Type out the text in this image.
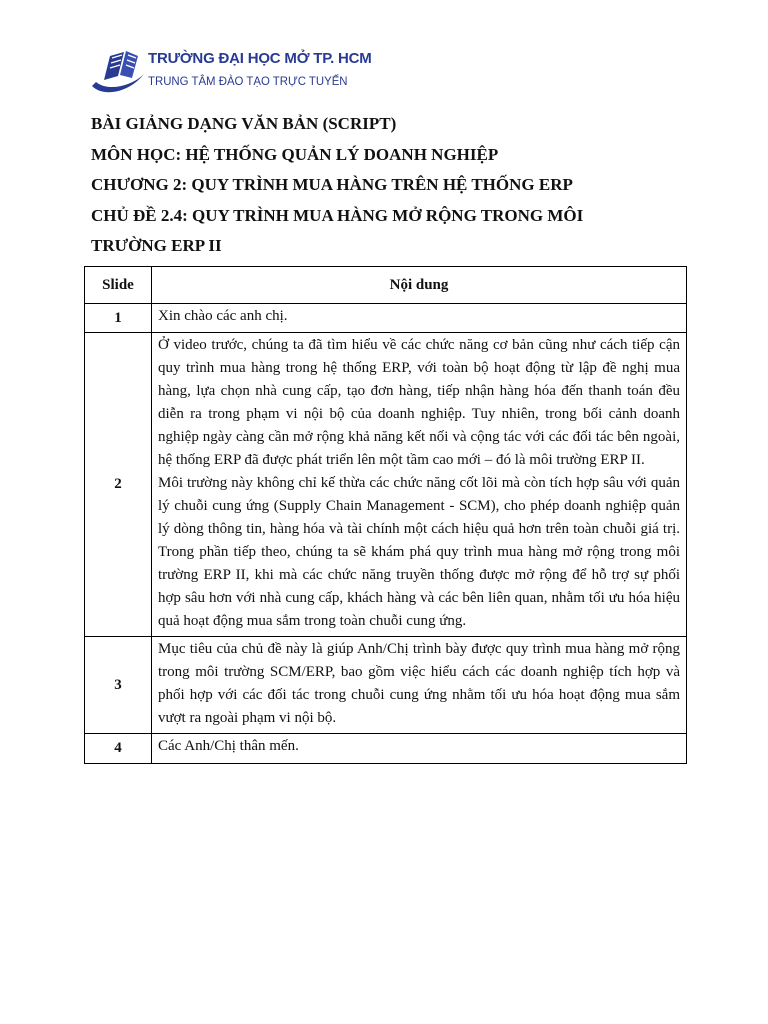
TRƯỜNG ĐẠI HỌC MỞ TP. HCM
TRUNG TÂM ĐÀO TẠO TRỰC TUYẾN
BÀI GIẢNG DẠNG VĂN BẢN (SCRIPT)
MÔN HỌC: HỆ THỐNG QUẢN LÝ DOANH NGHIỆP
CHƯƠNG 2: QUY TRÌNH MUA HÀNG TRÊN HỆ THỐNG ERP
CHỦ ĐỀ 2.4: QUY TRÌNH MUA HÀNG MỞ RỘNG TRONG MÔI
TRƯỜNG ERP II
Slide	Nội dung
1	Xin chào các anh chị.

2	Ở video trước, chúng ta đã tìm hiểu về các chức năng cơ bản cũng như cách tiếp cận quy trình mua hàng trong hệ thống ERP, với toàn bộ hoạt động từ lập đề nghị mua hàng, lựa chọn nhà cung cấp, tạo đơn hàng, tiếp nhận hàng hóa đến thanh toán đều diễn ra trong phạm vi nội bộ của doanh nghiệp. Tuy nhiên, trong bối cảnh doanh nghiệp ngày càng cần mở rộng khả năng kết nối và cộng tác với các đối tác bên ngoài, hệ thống ERP đã được phát triển lên một tầm cao mới – đó là môi trường ERP II.

Môi trường này không chỉ kế thừa các chức năng cốt lõi mà còn tích hợp sâu với quản lý chuỗi cung ứng (Supply Chain Management - SCM), cho phép doanh nghiệp quản lý dòng thông tin, hàng hóa và tài chính một cách hiệu quả hơn trên toàn chuỗi giá trị. Trong phần tiếp theo, chúng ta sẽ khám phá quy trình mua hàng mở rộng trong môi trường ERP II, khi mà các chức năng truyền thống được mở rộng để hỗ trợ sự phối hợp sâu hơn với nhà cung cấp, khách hàng và các bên liên quan, nhằm tối ưu hóa hiệu quả hoạt động mua sắm trong toàn chuỗi cung ứng.

3	Mục tiêu của chủ đề này là giúp Anh/Chị trình bày được quy trình mua hàng mở rộng trong môi trường SCM/ERP, bao gồm việc hiểu cách các doanh nghiệp tích hợp và phối hợp với các đối tác trong chuỗi cung ứng nhằm tối ưu hóa hoạt động mua sắm vượt ra ngoài phạm vi nội bộ.

4	Các Anh/Chị thân mến.
